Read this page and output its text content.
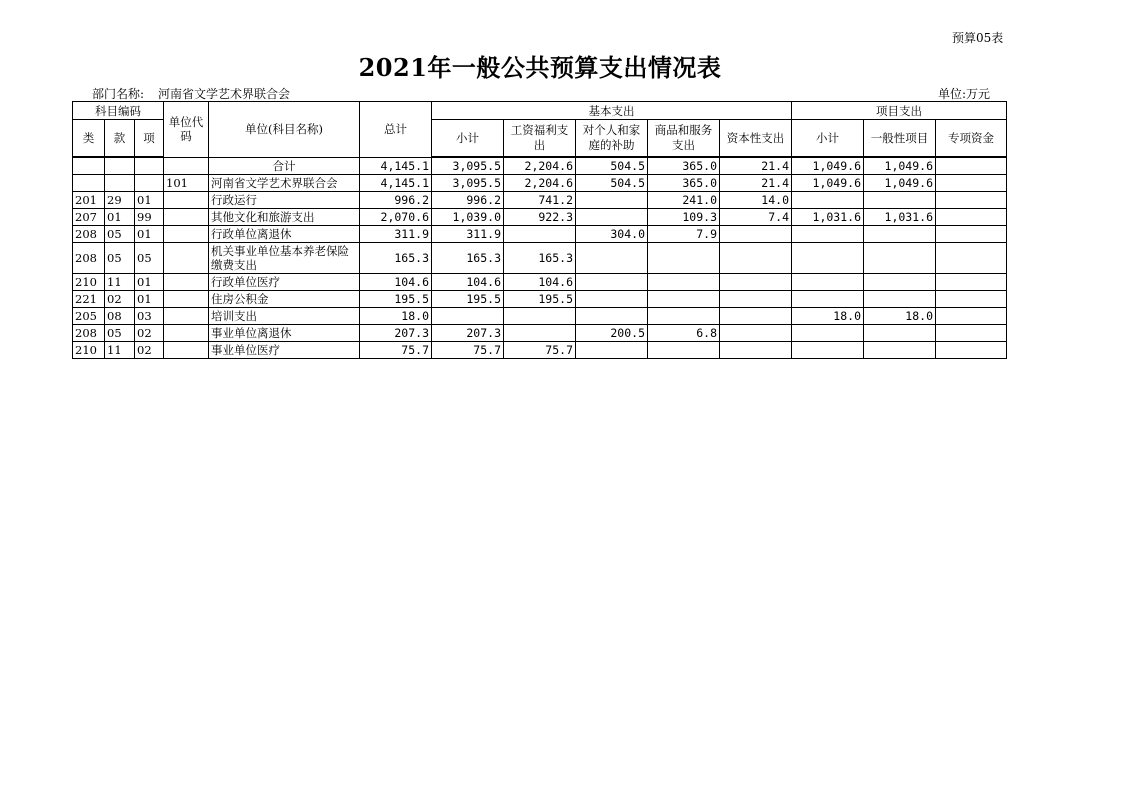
预算05表
2021年一般公共预算支出情况表
部门名称: 河南省文学艺术界联合会	单位:万元
科目编码			单位代码	单位(科目名称)	总计	基本支出					项目支出		
类	款	项				小计	工资福利支出	对个人和家庭的补助	商品和服务支出	资本性支出	小计	一般性项目	专项资金
				合计	4,145.1	3,095.5	2,204.6	504.5	365.0	21.4	1,049.6	1,049.6	
			101	河南省文学艺术界联合会	4,145.1	3,095.5	2,204.6	504.5	365.0	21.4	1,049.6	1,049.6	
201	29	01		行政运行	996.2	996.2	741.2		241.0	14.0			
207	01	99		其他文化和旅游支出	2,070.6	1,039.0	922.3		109.3	7.4	1,031.6	1,031.6	
208	05	01		行政单位离退休	311.9	311.9		304.0	7.9				
208	05	05		机关事业单位基本养老保险缴费支出	165.3	165.3	165.3						
210	11	01		行政单位医疗	104.6	104.6	104.6						
221	02	01		住房公积金	195.5	195.5	195.5						
205	08	03		培训支出	18.0						18.0	18.0	
208	05	02		事业单位离退休	207.3	207.3		200.5	6.8				
210	11	02		事业单位医疗	75.7	75.7	75.7						
